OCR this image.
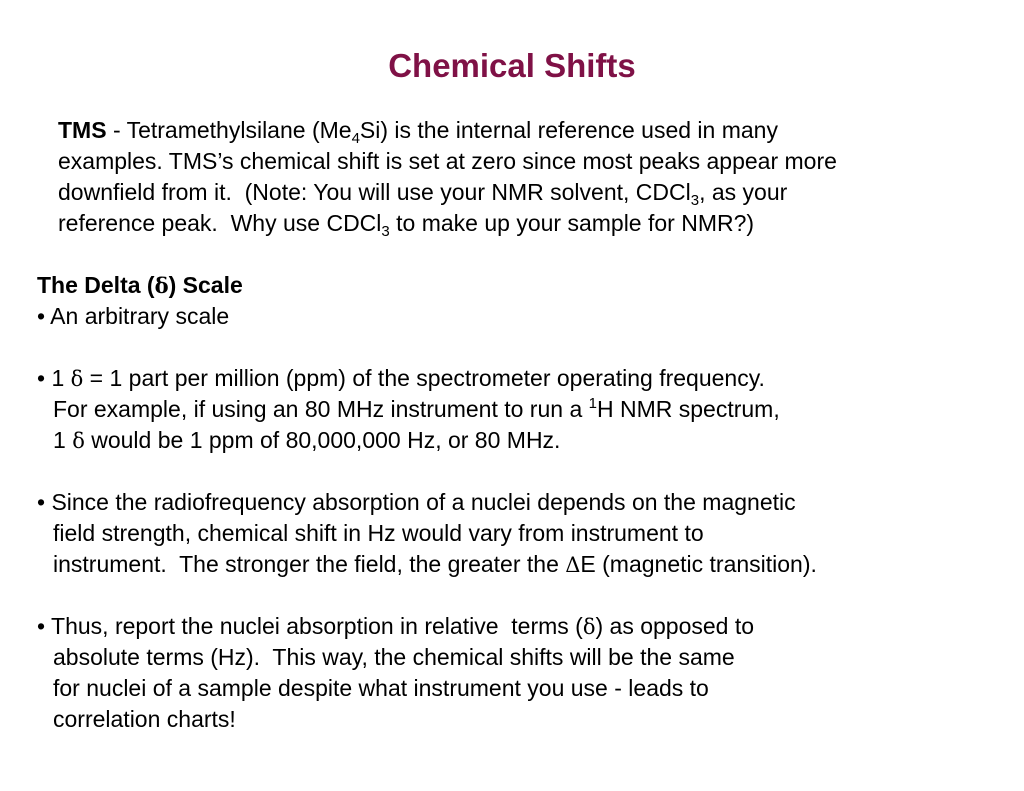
Chemical Shifts
TMS - Tetramethylsilane $(Me_4Si)$ is the internal reference used in many
examples. TMS’s chemical shift is set at zero since most peaks appear more
downfield from it.  (Note: You will use your NMR solvent, CDCl$_3$, as your
reference peak.  Why use CDCl$_3$ to make up your sample for NMR?)
The Delta (δ) Scale
• An arbitrary scale
• 1 δ = 1 part per million (ppm) of the spectrometer operating frequency.
For example, if using an 80 MHz instrument to run a $^1$H NMR spectrum,
1 δ would be 1 ppm of 80,000,000 Hz, or 80 MHz.
• Since the radiofrequency absorption of a nuclei depends on the magnetic
field strength, chemical shift in Hz would vary from instrument to
instrument.  The stronger the field, the greater the ΔE (magnetic transition).
• Thus, report the nuclei absorption in relative  terms (δ) as opposed to
absolute terms (Hz).  This way, the chemical shifts will be the same
for nuclei of a sample despite what instrument you use - leads to
correlation charts!
